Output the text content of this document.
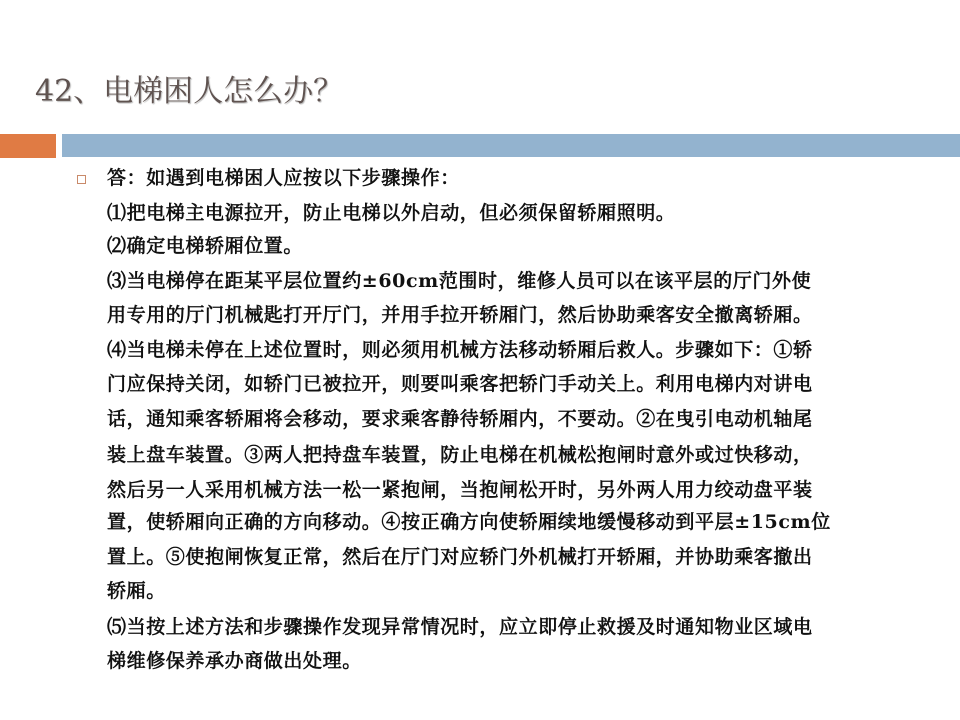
42、电梯困人怎么办？
答：如遇到电梯困人应按以下步骤操作：
⑴把电梯主电源拉开，防止电梯以外启动，但必须保留轿厢照明。
⑵确定电梯轿厢位置。
⑶当电梯停在距某平层位置约±60cm范围时，维修人员可以在该平层的厅门外使
用专用的厅门机械匙打开厅门，并用手拉开轿厢门，然后协助乘客安全撤离轿厢。
⑷当电梯未停在上述位置时，则必须用机械方法移动轿厢后救人。步骤如下：①轿
门应保持关闭，如轿门已被拉开，则要叫乘客把轿门手动关上。利用电梯内对讲电
话，通知乘客轿厢将会移动，要求乘客静待轿厢内，不要动。②在曳引电动机轴尾
装上盘车装置。③两人把持盘车装置，防止电梯在机械松抱闸时意外或过快移动，
然后另一人采用机械方法一松一紧抱闸，当抱闸松开时，另外两人用力绞动盘平装
置，使轿厢向正确的方向移动。④按正确方向使轿厢续地缓慢移动到平层±15cm位
置上。⑤使抱闸恢复正常，然后在厅门对应轿门外机械打开轿厢，并协助乘客撤出
轿厢。
⑸当按上述方法和步骤操作发现异常情况时，应立即停止救援及时通知物业区域电
梯维修保养承办商做出处理。
